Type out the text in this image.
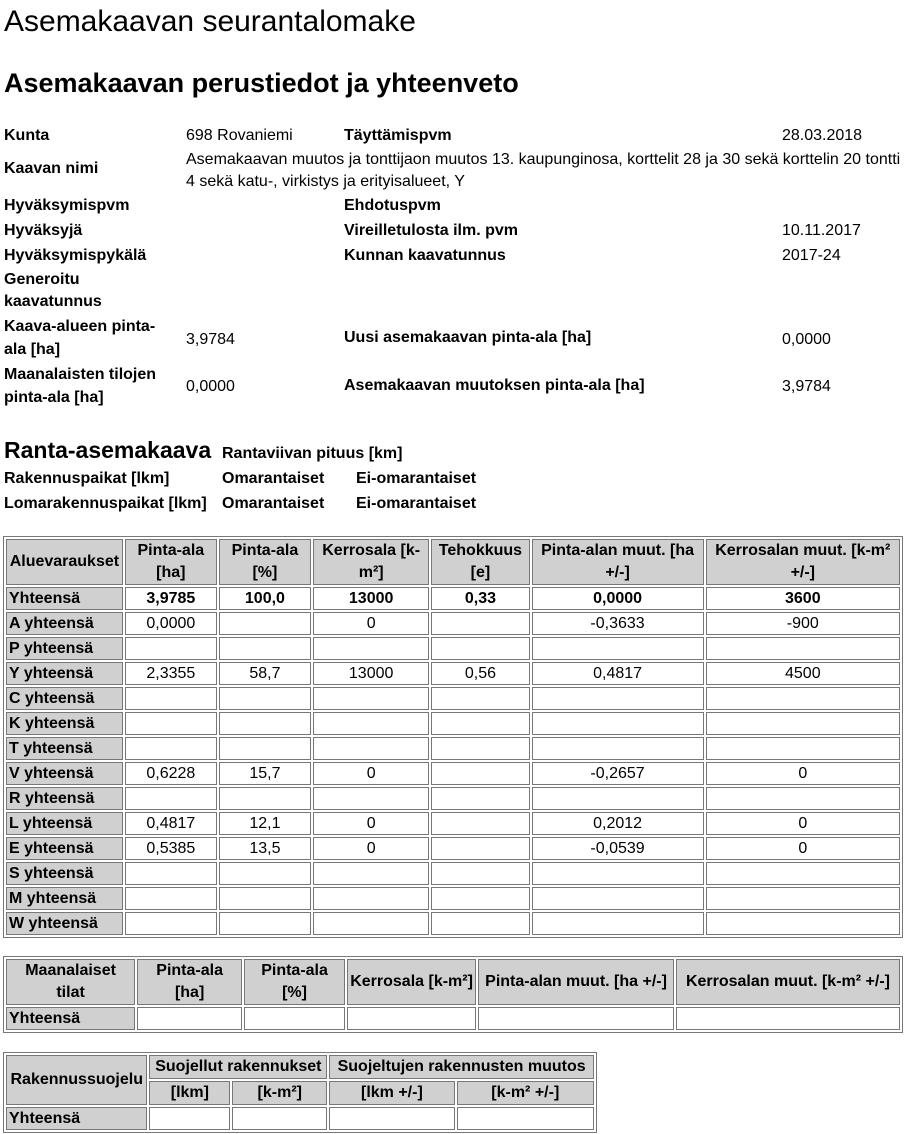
Asemakaavan seurantalomake
Asemakaavan perustiedot ja yhteenveto
Kunta	698 Rovaniemi	Täyttämispvm	28.03.2018
Kaavan nimi
Asemakaavan muutos ja tonttijaon muutos 13. kaupunginosa, korttelit 28 ja 30 sekä korttelin 20 tontti 4 sekä katu-, virkistys ja erityisalueet, Y
Hyväksymispvm	Ehdotuspvm
Hyväksyjä	Vireilletulosta ilm. pvm	10.11.2017
Hyväksymispykälä	Kunnan kaavatunnus	2017-24
Generoitu
kaavatunnus
Kaava-alueen pinta-
ala [ha]
3,9784	Uusi asemakaavan pinta-ala [ha]	0,0000
Maanalaisten tilojen
pinta-ala [ha]
0,0000	Asemakaavan muutoksen pinta-ala [ha]	3,9784
Ranta-asemakaava Rantaviivan pituus [km]
Rakennuspaikat [lkm]	Omarantaiset Ei-omarantaiset
Lomarakennuspaikat [lkm] Omarantaiset Ei-omarantaiset
Aluevaraukset	Pinta-ala [ha]	Pinta-ala [%]	Kerrosala [k-m²]	Tehokkuus [e]	Pinta-alan muut. [ha +/-]	Kerrosalan muut. [k-m² +/-]
Yhteensä	3,9785	100,0	13000	0,33	0,0000	3600
A yhteensä	0,0000		0		-0,3633	-900
P yhteensä						
Y yhteensä	2,3355	58,7	13000	0,56	0,4817	4500
C yhteensä						
K yhteensä						
T yhteensä						
V yhteensä	0,6228	15,7	0		-0,2657	0
R yhteensä						
L yhteensä	0,4817	12,1	0		0,2012	0
E yhteensä	0,5385	13,5	0		-0,0539	0
S yhteensä						
M yhteensä						
W yhteensä						
Maanalaiset tilat	Pinta-ala [ha]	Pinta-ala [%]	Kerrosala [k-m²]	Pinta-alan muut. [ha +/-]	Kerrosalan muut. [k-m² +/-]
Yhteensä					
Rakennussuojelu	Suojellut rakennukset		Suojeltujen rakennusten muutos	
	[lkm]	[k-m²]	[lkm +/-]	[k-m² +/-]
Yhteensä				
